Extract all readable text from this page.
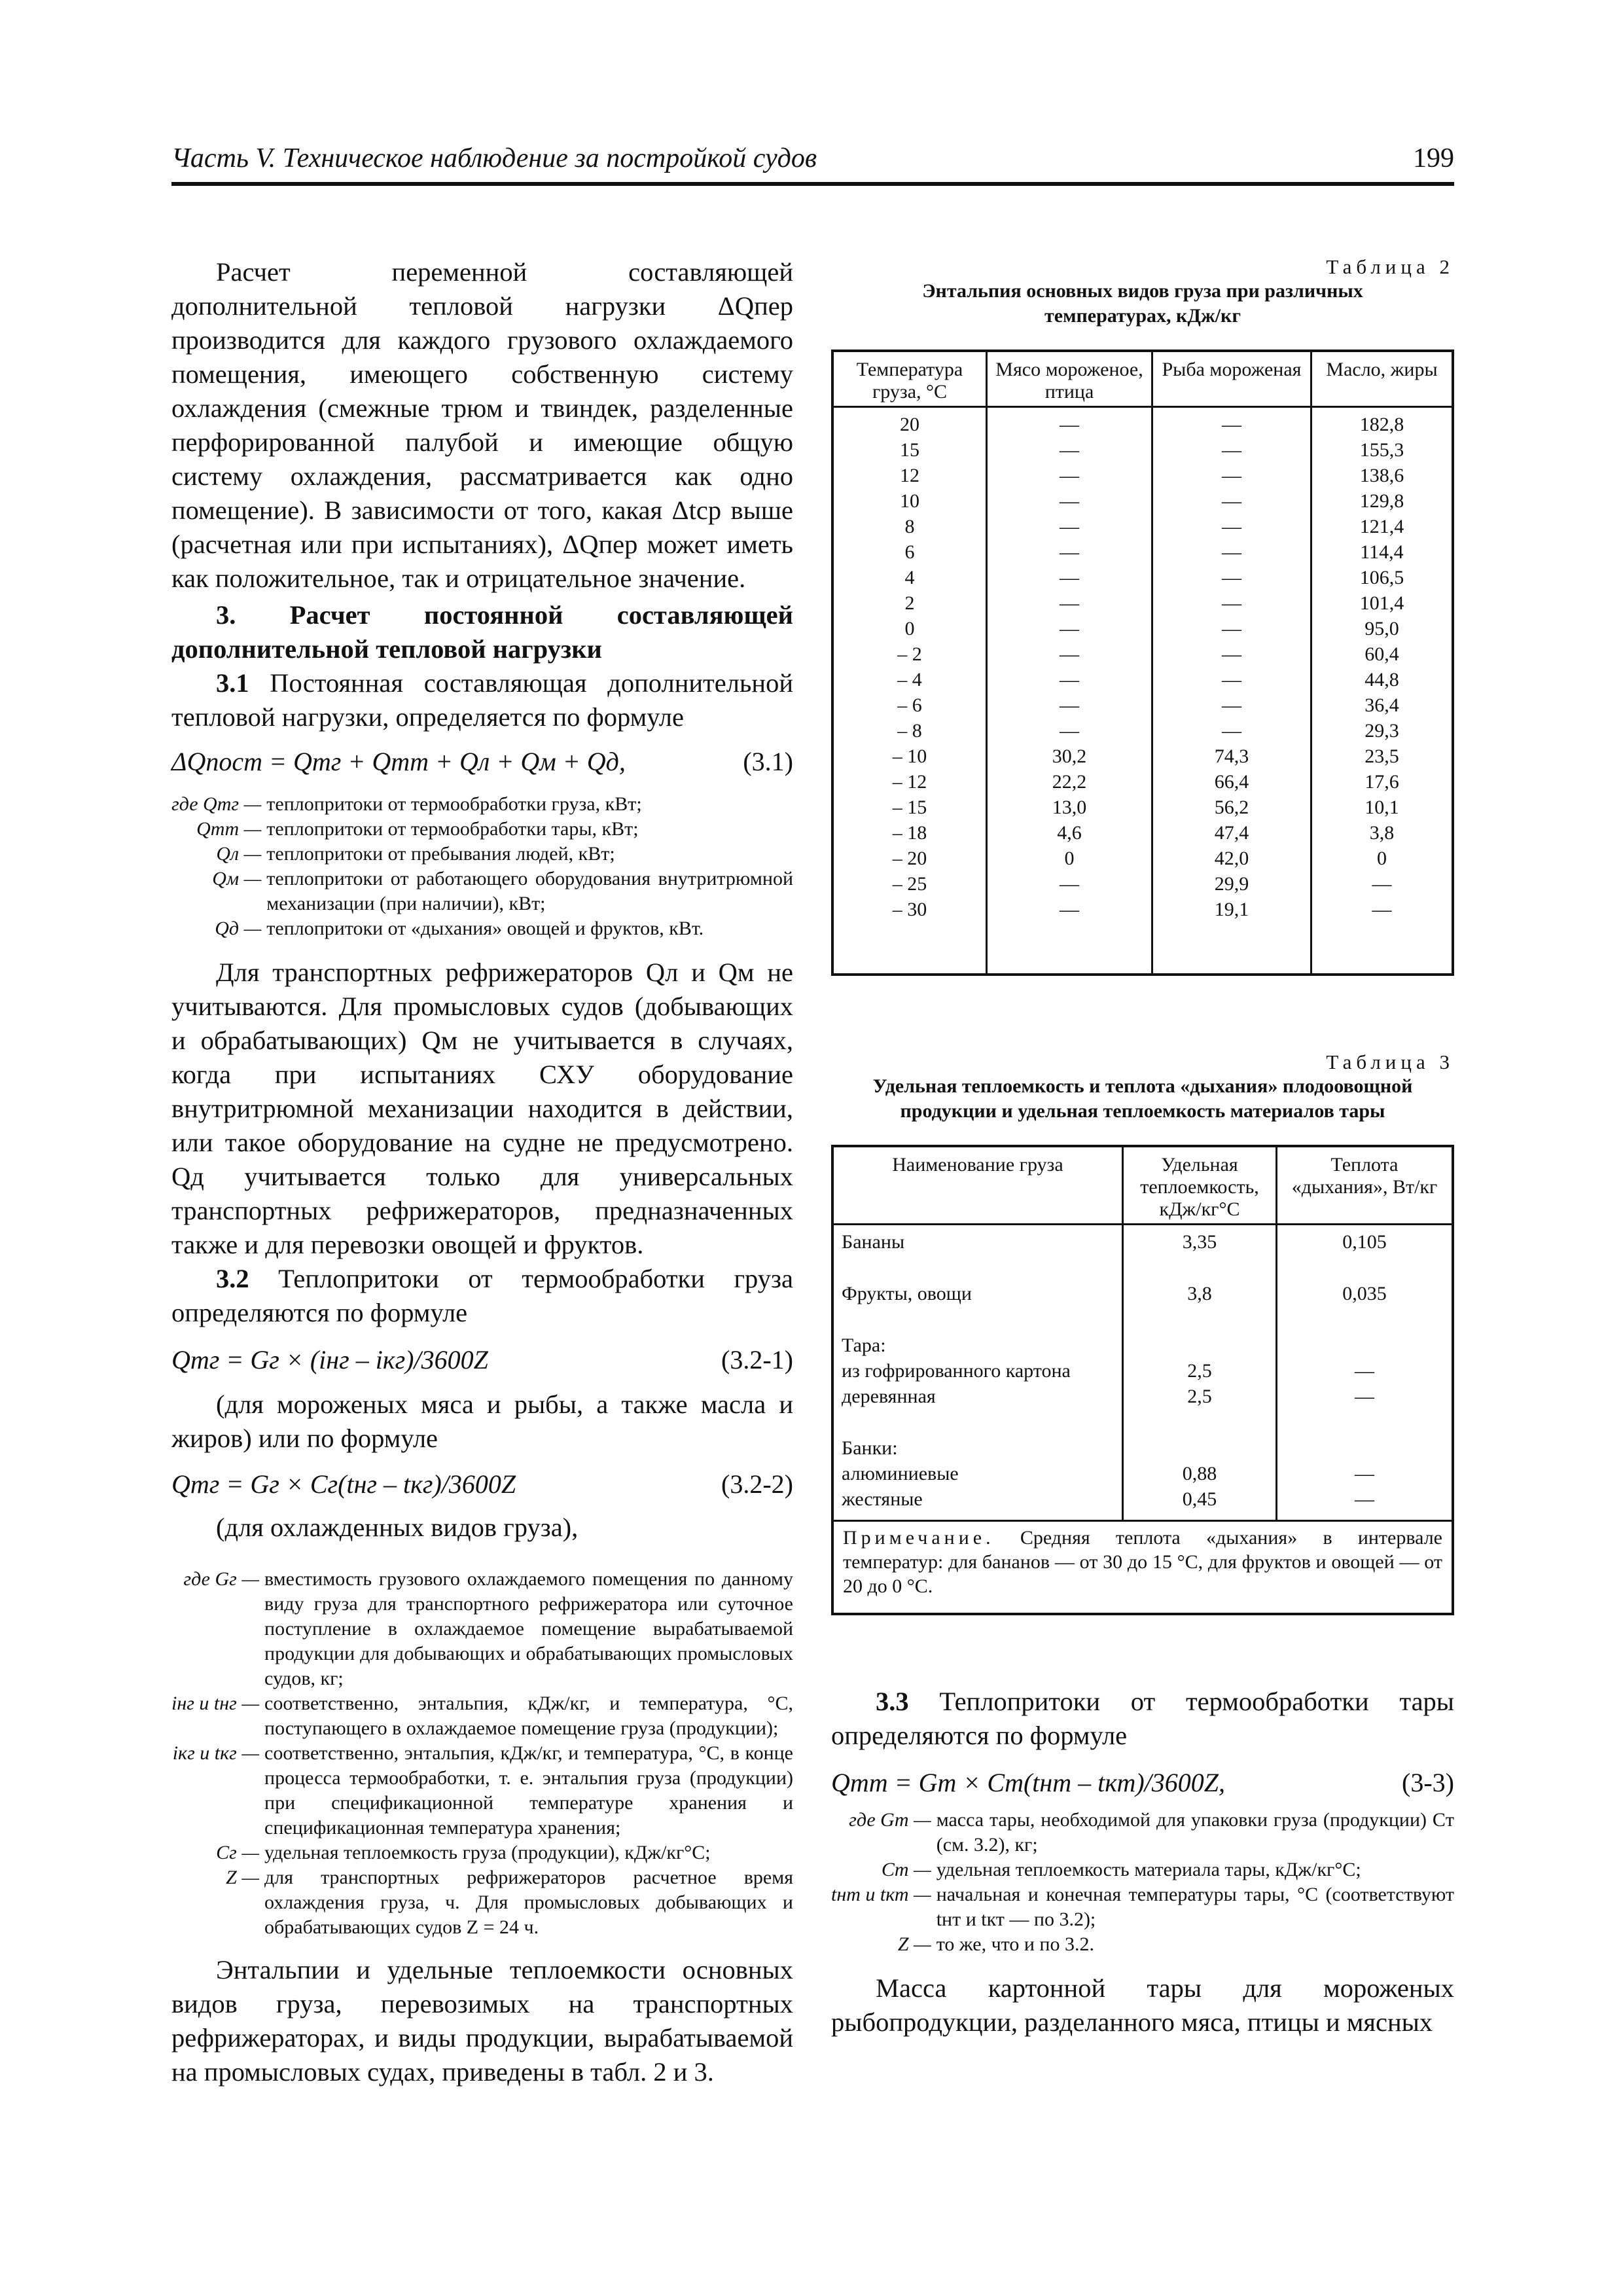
Часть V. Техническое наблюдение за постройкой судов	199

Расчет переменной составляющей дополнительной тепловой нагрузки ΔQпер производится для каждого грузового охлаждаемого помещения, имеющего собственную систему охлаждения (смежные трюм и твиндек, разделенные перфорированной палубой и имеющие общую систему охлаждения, рассматривается как одно помещение). В зависимости от того, какая Δtср выше (расчетная или при испытаниях), ΔQпер может иметь как положительное, так и отрицательное значение.

3. Расчет постоянной составляющей дополнительной тепловой нагрузки

3.1 Постоянная составляющая дополнительной тепловой нагрузки, определяется по формуле

ΔQпост = Qтг + Qтт + Qл + Qм + Qд,	(3.1)
где Qтг —	теплопритоки от термообработки груза, кВт;
Qтт —	теплопритоки от термообработки тары, кВт;
Qл —	теплопритоки от пребывания людей, кВт;
Qм —	теплопритоки от работающего оборудования внутритрюмной механизации (при наличии), кВт;
Qд —	теплопритоки от «дыхания» овощей и фруктов, кВт.

Для транспортных рефрижераторов Qл и Qм не учитываются. Для промысловых судов (добывающих и обрабатывающих) Qм не учитывается в случаях, когда при испытаниях СХУ оборудование внутритрюмной механизации находится в действии, или такое оборудование на судне не предусмотрено. Qд учитывается только для универсальных транспортных рефрижераторов, предназначенных также и для перевозки овощей и фруктов.

3.2 Теплопритоки от термообработки груза определяются по формуле

Qтг = Gг × (iнг – iкг)/3600Z	(3.2-1)

(для мороженых мяса и рыбы, а также масла и жиров) или по формуле

Qтг = Gг × Cг(tнг – tкг)/3600Z	(3.2-2)

(для охлажденных видов груза),

где Gг —	вместимость грузового охлаждаемого помещения по данному виду груза для транспортного рефрижератора или суточное поступление в охлаждаемое помещение вырабатываемой продукции для добывающих и обрабатывающих промысловых судов, кг;
iнг и tнг —	соответственно, энтальпия, кДж/кг, и температура, °С, поступающего в охлаждаемое помещение груза (продукции);
iкг и tкг —	соответственно, энтальпия, кДж/кг, и температура, °С, в конце процесса термообработки, т. е. энтальпия груза (продукции) при спецификационной температуре хранения и спецификационная температура хранения;
Cг —	удельная теплоемкость груза (продукции), кДж/кг°С;
Z —	для транспортных рефрижераторов расчетное время охлаждения груза, ч. Для промысловых добывающих и обрабатывающих судов Z = 24 ч.

Энтальпии и удельные теплоемкости основных видов груза, перевозимых на транспортных рефрижераторах, и виды продукции, вырабатываемой на промысловых судах, приведены в табл. 2 и 3.

Таблица 2
Энтальпия основных видов груза при различных температурах, кДж/кг
Температура груза, °С	Мясо мороженое, птица	Рыба мороженая	Масло, жиры
20	—	—	182,8
15	—	—	155,3
12	—	—	138,6
10	—	—	129,8
8	—	—	121,4
6	—	—	114,4
4	—	—	106,5
2	—	—	101,4
0	—	—	95,0
– 2	—	—	60,4
– 4	—	—	44,8
– 6	—	—	36,4
– 8	—	—	29,3
– 10	30,2	74,3	23,5
– 12	22,2	66,4	17,6
– 15	13,0	56,2	10,1
– 18	4,6	47,4	3,8
– 20	0	42,0	0
– 25	—	29,9	—
– 30	—	19,1	—

Таблица 3
Удельная теплоемкость и теплота «дыхания» плодоовощной продукции и удельная теплоемкость материалов тары
Наименование груза	Удельная теплоемкость, кДж/кг°С	Теплота «дыхания», Вт/кг
Бананы	3,35	0,105
Фрукты, овощи	3,8	0,035
Тара:		
из гофрированного картона	2,5	—
деревянная	2,5	—
Банки:		
алюминиевые	0,88	—
жестяные	0,45	—

Примечание. Средняя теплота «дыхания» в интервале температур: для бананов — от 30 до 15 °С, для фруктов и овощей — от 20 до 0 °С.		

3.3 Теплопритоки от термообработки тары определяются по формуле

Qтт = Gт × Cт(tнт – tкт)/3600Z,	(3-3)
где Gт —	масса тары, необходимой для упаковки груза (продукции) Cт (см. 3.2), кг;
Cт —	удельная теплоемкость материала тары, кДж/кг°С;
tнт и tкт —	начальная и конечная температуры тары, °С (соответствуют tнт и tкт — по 3.2);
Z —	то же, что и по 3.2.

Масса картонной тары для мороженых рыбопродукции, разделанного мяса, птицы и мясных
